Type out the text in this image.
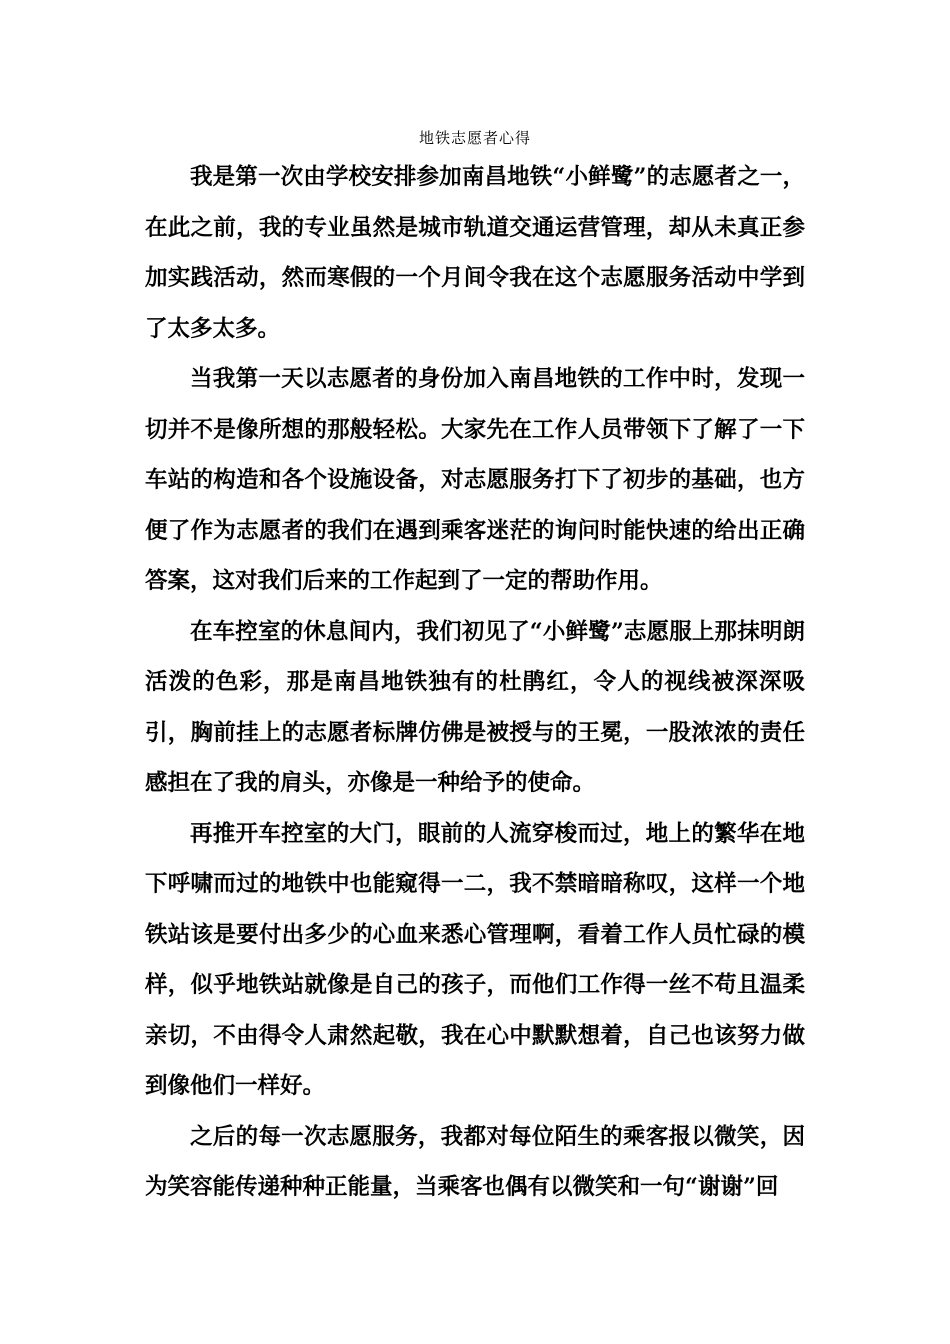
地铁志愿者心得

我是第一次由学校安排参加南昌地铁“小鲜鹭”的志愿者之一，在此之前，我的专业虽然是城市轨道交通运营管理，却从未真正参加实践活动，然而寒假的一个月间令我在这个志愿服务活动中学到了太多太多。

当我第一天以志愿者的身份加入南昌地铁的工作中时，发现一切并不是像所想的那般轻松。大家先在工作人员带领下了解了一下车站的构造和各个设施设备，对志愿服务打下了初步的基础，也方便了作为志愿者的我们在遇到乘客迷茫的询问时能快速的给出正确答案，这对我们后来的工作起到了一定的帮助作用。

在车控室的休息间内，我们初见了“小鲜鹭”志愿服上那抹明朗活泼的色彩，那是南昌地铁独有的杜鹃红，令人的视线被深深吸引，胸前挂上的志愿者标牌仿佛是被授与的王冕，一股浓浓的责任感担在了我的肩头，亦像是一种给予的使命。

再推开车控室的大门，眼前的人流穿梭而过，地上的繁华在地下呼啸而过的地铁中也能窥得一二，我不禁暗暗称叹，这样一个地铁站该是要付出多少的心血来悉心管理啊，看着工作人员忙碌的模样，似乎地铁站就像是自己的孩子，而他们工作得一丝不苟且温柔亲切，不由得令人肃然起敬，我在心中默默想着，自己也该努力做到像他们一样好。

之后的每一次志愿服务，我都对每位陌生的乘客报以微笑，因为笑容能传递种种正能量，当乘客也偶有以微笑和一句“谢谢”回
